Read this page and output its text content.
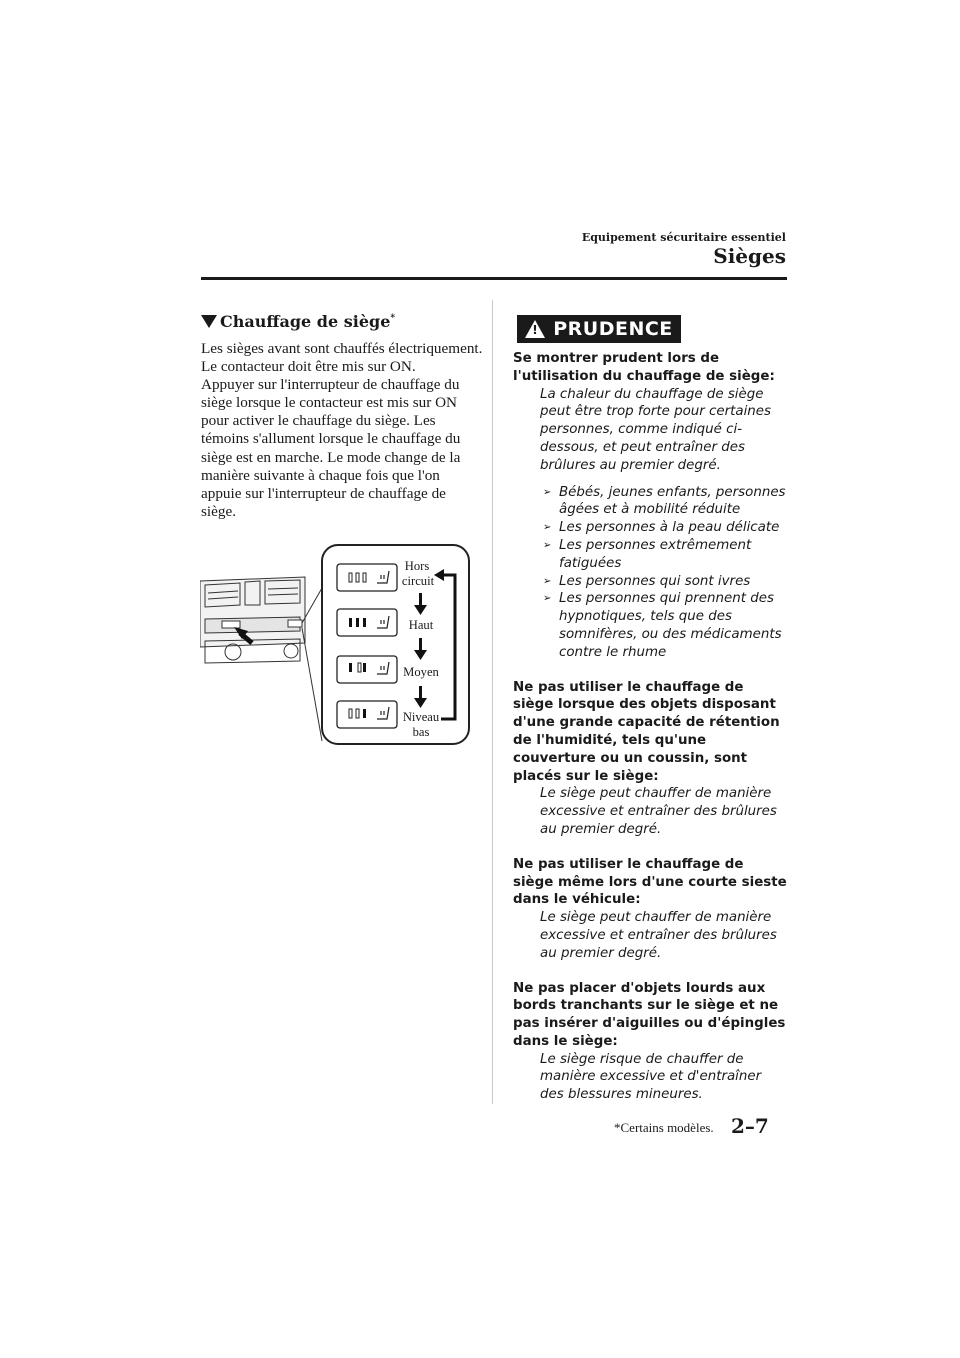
Equipement sécuritaire essentiel
Sièges
Chauffage de siège*

Les sièges avant sont chauffés électriquement. Le contacteur doit être mis sur ON.

Appuyer sur l'interrupteur de chauffage du siège lorsque le contacteur est mis sur ON pour activer le chauffage du siège. Les témoins s'allument lorsque le chauffage du siège est en marche. Le mode change de la manière suivante à chaque fois que l'on appuie sur l'interrupteur de chauffage de siège.

Hors
circuit
Haut
Moyen
Niveau
bas
! PRUDENCE

Se montrer prudent lors de l'utilisation du chauffage de siège:

La chaleur du chauffage de siège peut être trop forte pour certaines personnes, comme indiqué ci-dessous, et peut entraîner des brûlures au premier degré.

➢ Bébés, jeunes enfants, personnes âgées et à mobilité réduite
➢ Les personnes à la peau délicate
➢ Les personnes extrêmement fatiguées
➢ Les personnes qui sont ivres
➢ Les personnes qui prennent des hypnotiques, tels que des somnifères, ou des médicaments contre le rhume

Ne pas utiliser le chauffage de siège lorsque des objets disposant d'une grande capacité de rétention de l'humidité, tels qu'une couverture ou un coussin, sont placés sur le siège:

Le siège peut chauffer de manière excessive et entraîner des brûlures au premier degré.

Ne pas utiliser le chauffage de siège même lors d'une courte sieste dans le véhicule:

Le siège peut chauffer de manière excessive et entraîner des brûlures au premier degré.

Ne pas placer d'objets lourds aux bords tranchants sur le siège et ne pas insérer d'aiguilles ou d'épingles dans le siège:

Le siège risque de chauffer de manière excessive et d'entraîner des blessures mineures.

*Certains modèles. 2–7
